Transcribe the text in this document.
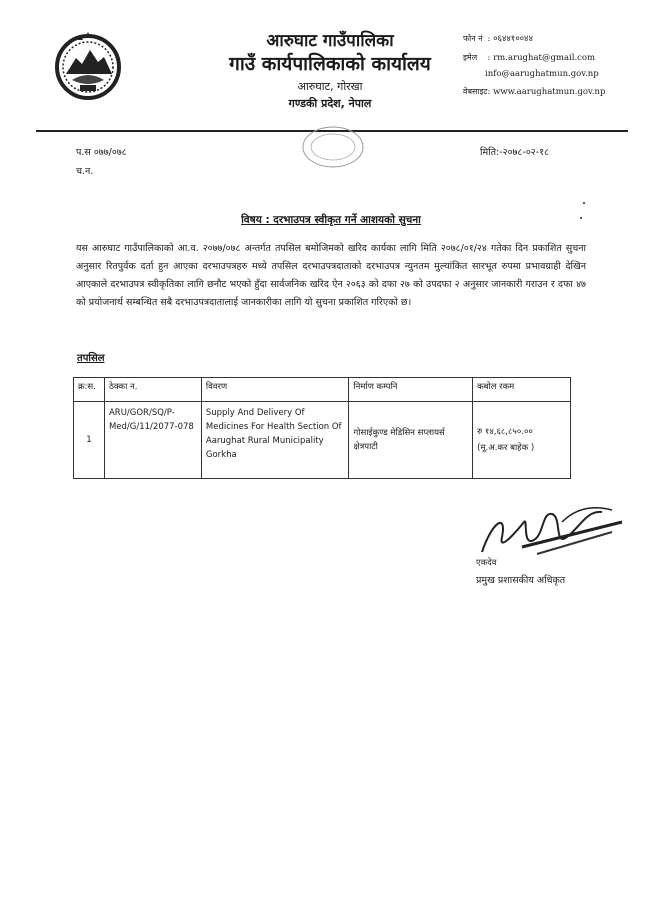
आरुघाट गाउँपालिका
गाउँ कार्यपालिकाको कार्यालय
आरुघाट, गोरखा
गण्डकी प्रदेश, नेपाल
फोन नं : ०६४४१००४४
इमेल : rm.arughat@gmail.com
info@aarughatmun.gov.np
वेबसाइट : www.aarughatmun.gov.np
प.स ०७७/०७८
च.न.
मिति:-२०७८-०२-१८
विषय : दरभाउपत्र स्वीकृत गर्ने आशयको सुचना
यस आरुघाट गाउँपालिकाको आ.व. २०७७/०७८ अन्तर्गत तपसिल बमोजिमको खरिद कार्यका लागि मिति २०७८/०१/२४ गतेका दिन प्रकाशित सुचना अनुसार रितपुर्वक दर्ता हुन आएका दरभाउपत्रहरु मध्ये तपसिल दरभाउपत्रदाताको दरभाउपत्र न्युनतम मुल्यांकित सारभूत रुपमा प्रभावग्राही देखिन आएकाले दरभाउपत्र स्वीकृतिका लागि छनौट भएको हुँदा सार्वजनिक खरिद ऐन २०६३ को दफा २७ को उपदफा २ अनुसार जानकारी गराउन र दफा ४७ को प्रयोजनार्थ सम्बन्धित सबै दरभाउपत्रदातालाई जानकारीका लागि यो सुचना प्रकाशित गरिएको छ।
तपसिल
क्र:स.	ठेक्का न.	विवरण	निर्माण कम्पनि	कबोल रकम
1	ARU/GOR/SQ/P-Med/G/11/2077-078	Supply And Delivery Of Medicines For Health Section Of Aarughat Rural Municipality Gorkha	गोसाईकुण्ड मेडिसिन सप्लायर्स क्षेत्रपाटी	रु १४,६८,८५०.००
(मू.अ.कर बाहेक )
एकदेव
प्रमुख प्रशासकीय अधिकृत
